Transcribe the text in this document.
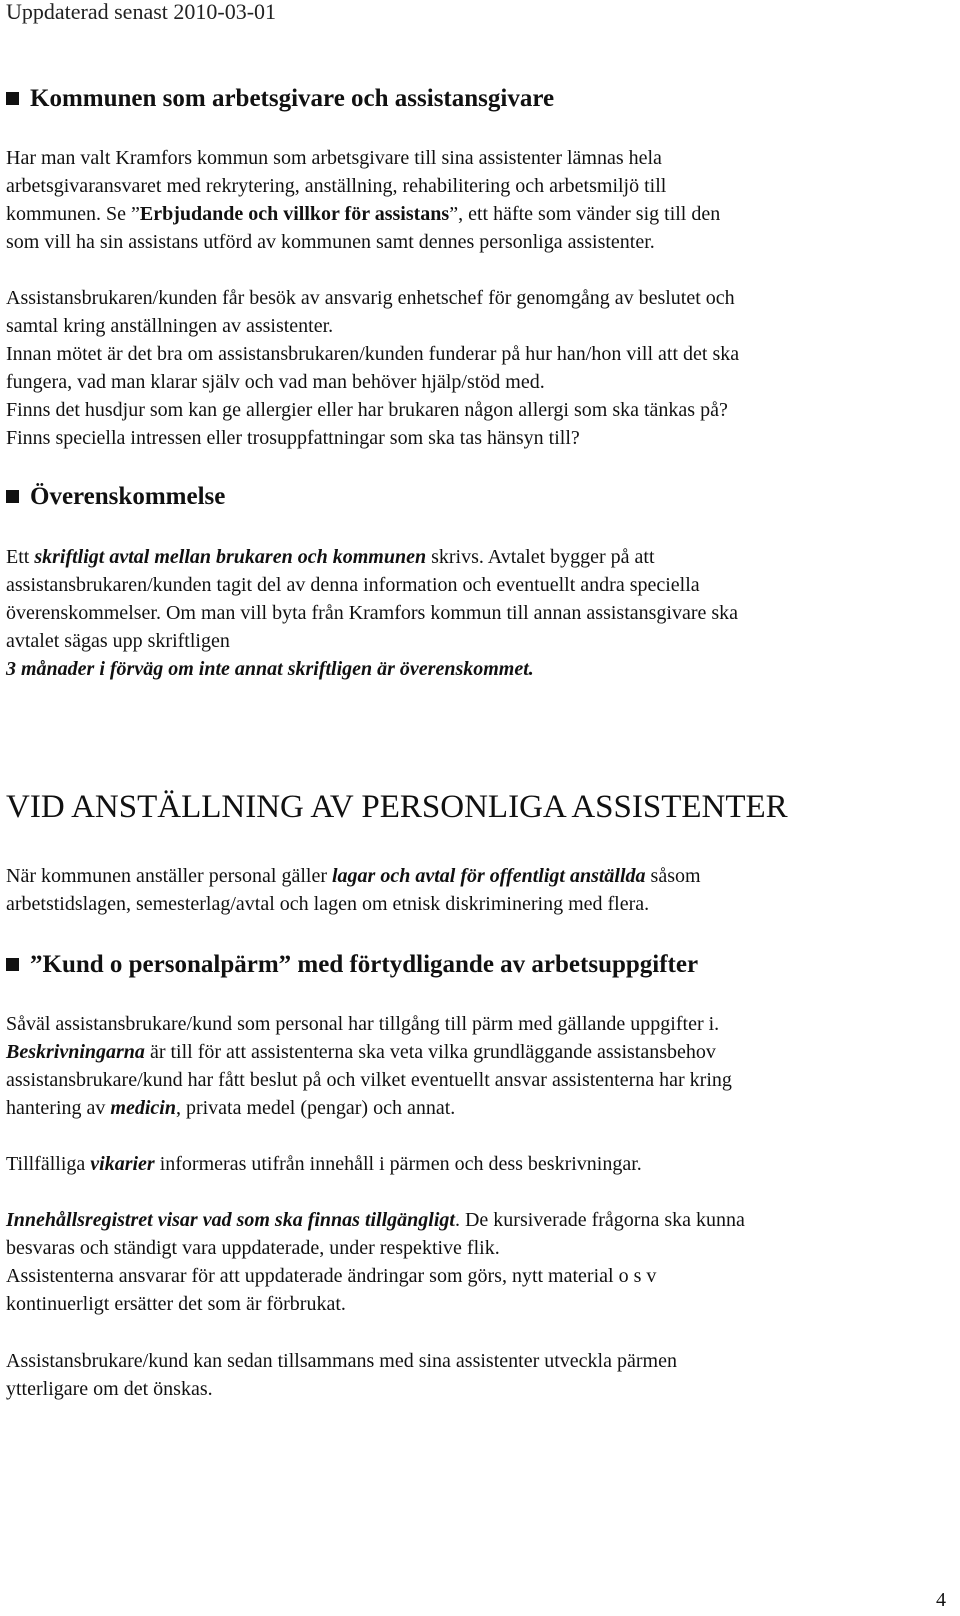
Uppdaterad senast 2010-03-01
Kommunen som arbetsgivare och assistansgivare
Har man valt Kramfors kommun som arbetsgivare till sina assistenter lämnas hela
arbetsgivaransvaret med rekrytering, anställning, rehabilitering och arbetsmiljö till
kommunen. Se ”Erbjudande och villkor för assistans”, ett häfte som vänder sig till den
som vill ha sin assistans utförd av kommunen samt dennes personliga assistenter.
Assistansbrukaren/kunden får besök av ansvarig enhetschef för genomgång av beslutet och
samtal kring anställningen av assistenter.
Innan mötet är det bra om assistansbrukaren/kunden funderar på hur han/hon vill att det ska
fungera, vad man klarar själv och vad man behöver hjälp/stöd med.
Finns det husdjur som kan ge allergier eller har brukaren någon allergi som ska tänkas på?
Finns speciella intressen eller trosuppfattningar som ska tas hänsyn till?
Överenskommelse
Ett skriftligt avtal mellan brukaren och kommunen skrivs. Avtalet bygger på att
assistansbrukaren/kunden tagit del av denna information och eventuellt andra speciella
överenskommelser. Om man vill byta från Kramfors kommun till annan assistansgivare ska
avtalet sägas upp skriftligen
3 månader i förväg om inte annat skriftligen är överenskommet.
VID ANSTÄLLNING AV PERSONLIGA ASSISTENTER
När kommunen anställer personal gäller lagar och avtal för offentligt anställda såsom
arbetstidslagen, semesterlag/avtal och lagen om etnisk diskriminering med flera.
”Kund o personalpärm” med förtydligande av arbetsuppgifter
Såväl assistansbrukare/kund som personal har tillgång till pärm med gällande uppgifter i.
Beskrivningarna är till för att assistenterna ska veta vilka grundläggande assistansbehov
assistansbrukare/kund har fått beslut på och vilket eventuellt ansvar assistenterna har kring
hantering av medicin, privata medel (pengar) och annat.
Tillfälliga vikarier informeras utifrån innehåll i pärmen och dess beskrivningar.
Innehållsregistret visar vad som ska finnas tillgängligt. De kursiverade frågorna ska kunna
besvaras och ständigt vara uppdaterade, under respektive flik.
Assistenterna ansvarar för att uppdaterade ändringar som görs, nytt material o s v
kontinuerligt ersätter det som är förbrukat.
Assistansbrukare/kund kan sedan tillsammans med sina assistenter utveckla pärmen
ytterligare om det önskas.
4
